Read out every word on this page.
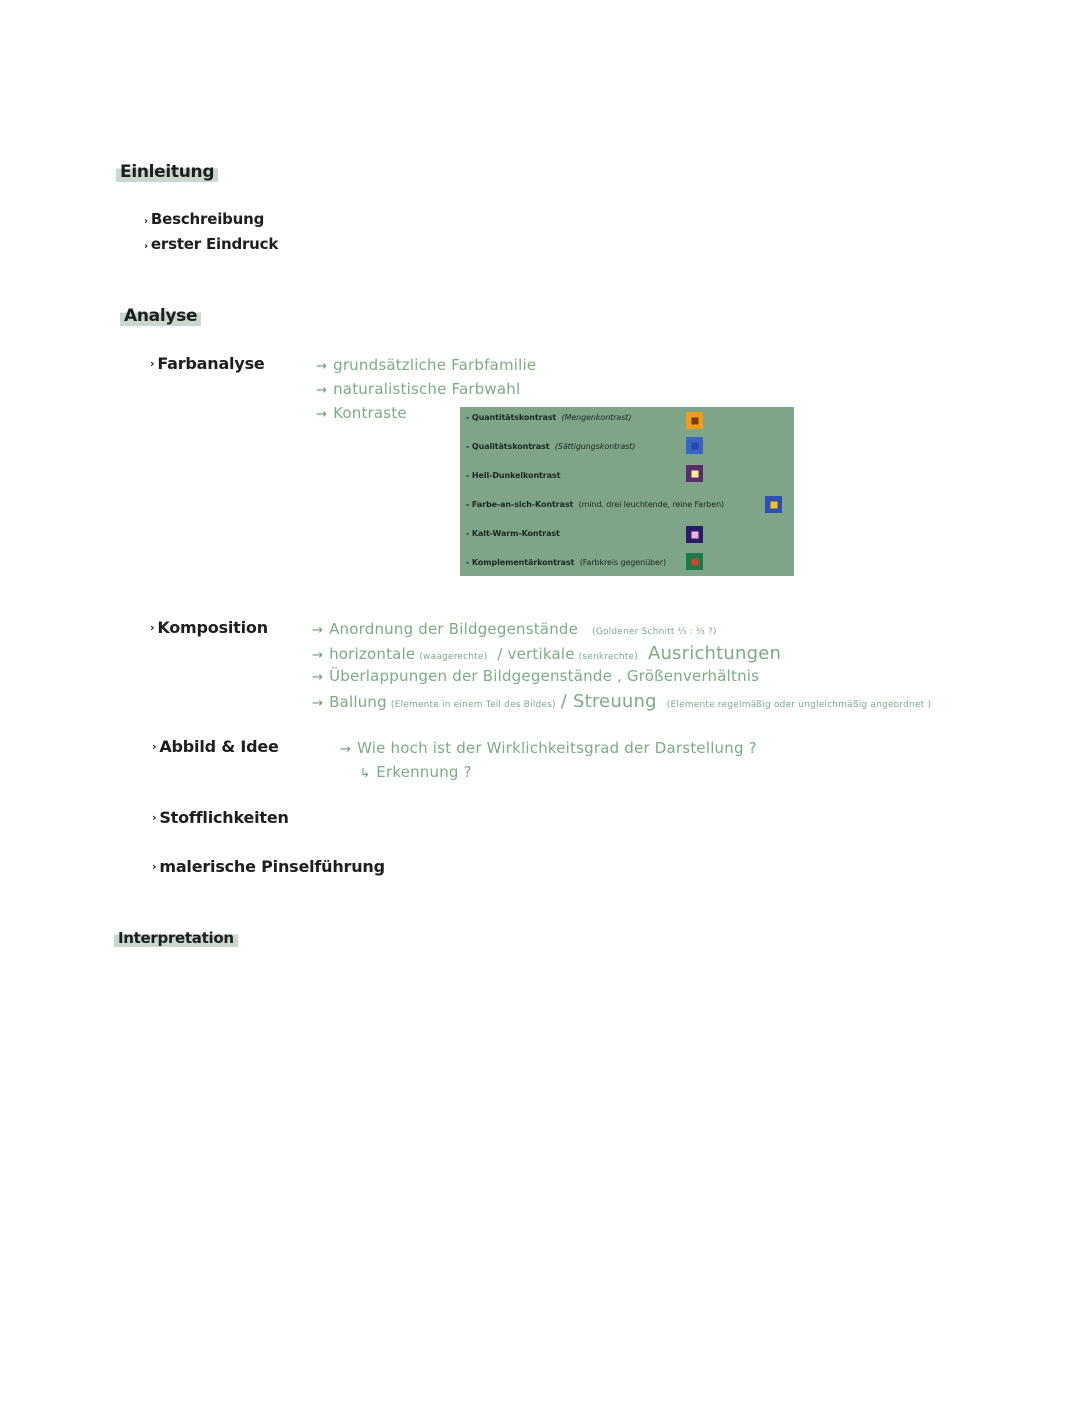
Einleitung
› Beschreibung
› erster Eindruck
Analyse
› Farbanalyse	→ grundsätzliche Farbfamilie
→ naturalistische Farbwahl
→ Kontraste	- Quantitätskontrast (Mengenkontrast)
- Qualitätskontrast (Sättigungskontrast)
- Hell-Dunkelkontrast
- Farbe-an-sich-Kontrast (mind. drei leuchtende, reine Farben)
- Kalt-Warm-Kontrast
- Komplementärkontrast (Farbkreis gegenüber)
› Komposition	→ Anordnung der Bildgegenstände (Goldener Schnitt ⅓ : ⅔ ?)
→ horizontale (waagerechte) / vertikale (senkrechte) Ausrichtungen
→ Überlappungen der Bildgegenstände , Größenverhältnis
→ Ballung (Elemente in einem Teil des Bildes) / Streuung (Elemente regelmäßig oder ungleichmäßig angeordnet )
› Abbild & Idee	→ Wie hoch ist der Wirklichkeitsgrad der Darstellung ?
↳ Erkennung ?
› Stofflichkeiten
› malerische Pinselführung
Interpretation
